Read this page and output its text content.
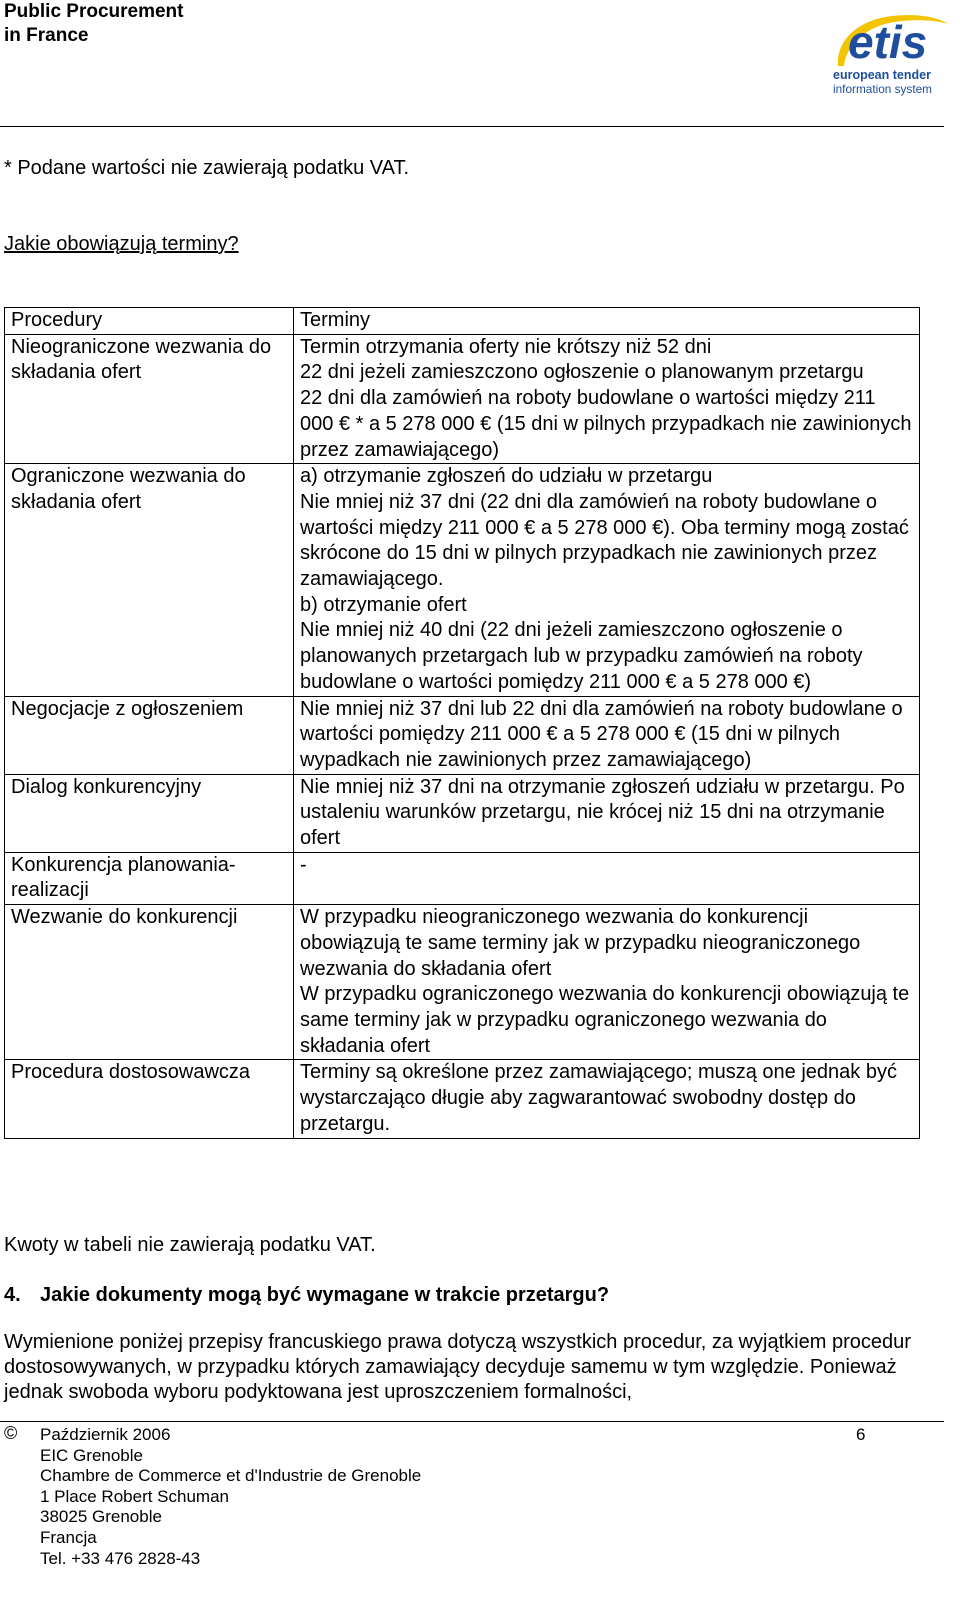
Public Procurement
in France	etis
european tender
information system
* Podane wartości nie zawierają podatku VAT.
Jakie obowiązują terminy?
Procedury	Terminy
Nieograniczone wezwania do składania ofert	Termin otrzymania oferty nie krótszy niż 52 dni
22 dni jeżeli zamieszczono ogłoszenie o planowanym przetargu
22 dni dla zamówień na roboty budowlane o wartości między 211 000 € * a 5 278 000 € (15 dni w pilnych przypadkach nie zawinionych przez zamawiającego)

Ograniczone wezwania do składania ofert	a) otrzymanie zgłoszeń do udziału w przetargu
Nie mniej niż 37 dni (22 dni dla zamówień na roboty budowlane o wartości między 211 000 € a 5 278 000 €). Oba terminy mogą zostać skrócone do 15 dni w pilnych przypadkach nie zawinionych przez zamawiającego.
b) otrzymanie ofert
Nie mniej niż 40 dni (22 dni jeżeli zamieszczono ogłoszenie o planowanych przetargach lub w przypadku zamówień na roboty budowlane o wartości pomiędzy 211 000 € a 5 278 000 €)

Negocjacje z ogłoszeniem	Nie mniej niż 37 dni lub 22 dni dla zamówień na roboty budowlane o wartości pomiędzy 211 000 € a 5 278 000 € (15 dni w pilnych wypadkach nie zawinionych przez zamawiającego)

Dialog konkurencyjny	Nie mniej niż 37 dni na otrzymanie zgłoszeń udziału w przetargu. Po ustaleniu warunków przetargu, nie krócej niż 15 dni na otrzymanie ofert

Konkurencja planowania-realizacji	-

Wezwanie do konkurencji	W przypadku nieograniczonego wezwania do konkurencji obowiązują te same terminy jak w przypadku nieograniczonego wezwania do składania ofert
W przypadku ograniczonego wezwania do konkurencji obowiązują te same terminy jak w przypadku ograniczonego wezwania do składania ofert

Procedura dostosowawcza	Terminy są określone przez zamawiającego; muszą one jednak być wystarczająco długie aby zagwarantować swobodny dostęp do przetargu.
Kwoty w tabeli nie zawierają podatku VAT.
4. Jakie dokumenty mogą być wymagane w trakcie przetargu?
Wymienione poniżej przepisy francuskiego prawa dotyczą wszystkich procedur, za wyjątkiem procedur dostosowywanych, w przypadku których zamawiający decyduje samemu w tym względzie. Ponieważ jednak swoboda wyboru podyktowana jest uproszczeniem formalności,
© Październik 2006
EIC Grenoble
Chambre de Commerce et d'Industrie de Grenoble
1 Place Robert Schuman
38025 Grenoble
Francja
Tel. +33 476 2828-43
6
